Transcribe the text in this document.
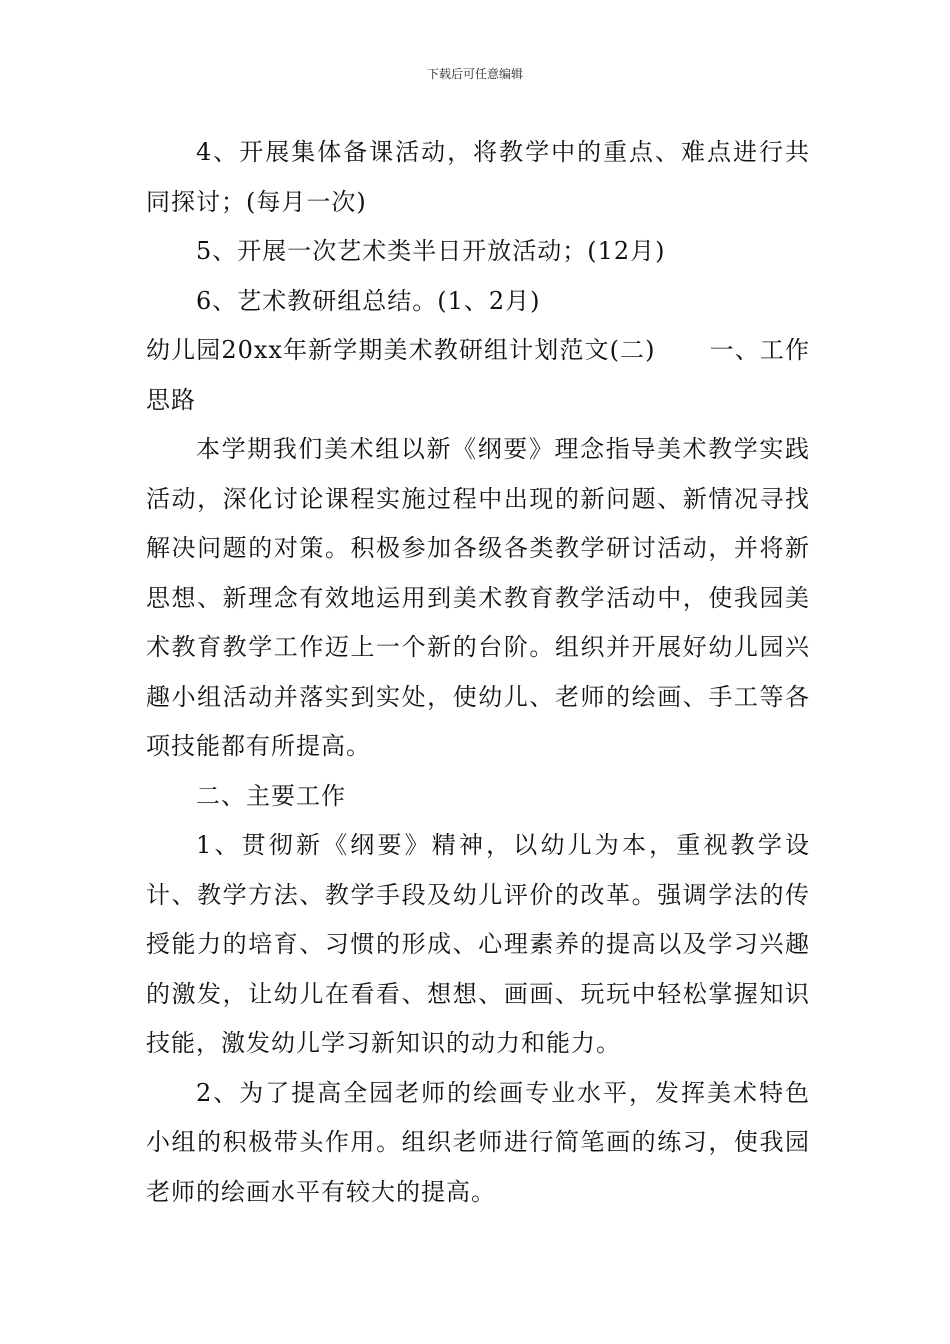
下载后可任意编辑

4、开展集体备课活动，将教学中的重点、难点进行共同探讨；(每月一次)

5、开展一次艺术类半日开放活动；(12月)

6、艺术教研组总结。(1、2月)

幼儿园20xx年新学期美术教研组计划范文(二) 一、工作思路

本学期我们美术组以新《纲要》理念指导美术教学实践活动，深化讨论课程实施过程中出现的新问题、新情况寻找解决问题的对策。积极参加各级各类教学研讨活动，并将新思想、新理念有效地运用到美术教育教学活动中，使我园美术教育教学工作迈上一个新的台阶。组织并开展好幼儿园兴趣小组活动并落实到实处，使幼儿、老师的绘画、手工等各项技能都有所提高。

二、主要工作

1、贯彻新《纲要》精神，以幼儿为本，重视教学设计、教学方法、教学手段及幼儿评价的改革。强调学法的传授能力的培育、习惯的形成、心理素养的提高以及学习兴趣的激发，让幼儿在看看、想想、画画、玩玩中轻松掌握知识技能，激发幼儿学习新知识的动力和能力。

2、为了提高全园老师的绘画专业水平，发挥美术特色小组的积极带头作用。组织老师进行简笔画的练习，使我园老师的绘画水平有较大的提高。
